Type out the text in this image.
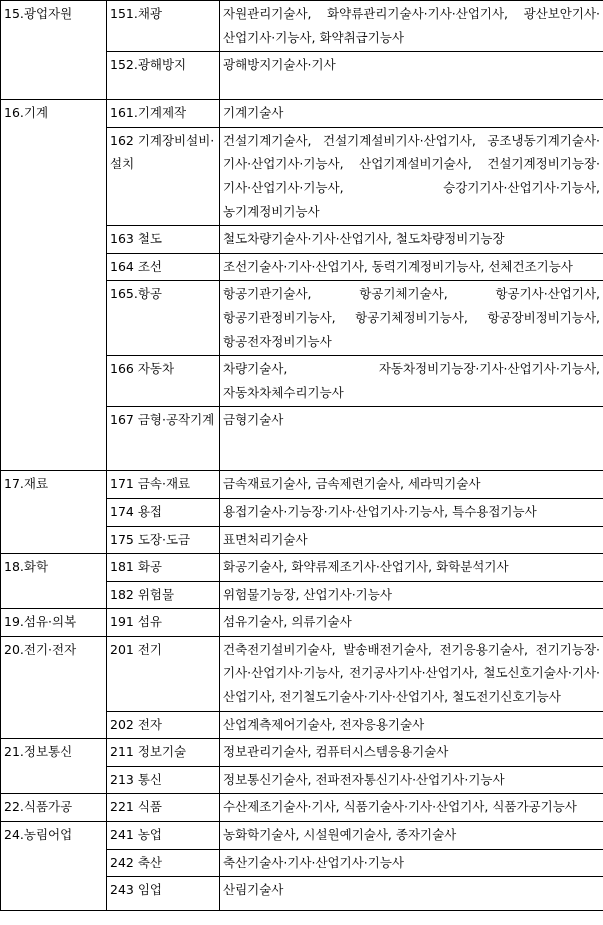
15.광업자원	151.채광	자원관리기술사, 화약류관리기술사·기사·산업기사, 광산보안기사·산업기사·기능사, 화약취급기능사
	152.광해방지	광해방지기술사·기사
16.기계	161.기계제작	기계기술사
	162 기계장비설비·설치	건설기계기술사, 건설기계설비기사·산업기사, 공조냉동기계기술사·기사·산업기사·기능사, 산업기계설비기술사, 건설기계정비기능장·기사·산업기사·기능사, 승강기기사·산업기사·기능사, 농기계정비기능사
	163 철도	철도차량기술사·기사·산업기사, 철도차량정비기능장
	164 조선	조선기술사·기사·산업기사, 동력기계정비기능사, 선체건조기능사
	165.항공	항공기관기술사, 항공기체기술사, 항공기사·산업기사, 항공기관정비기능사, 항공기체정비기능사, 항공장비정비기능사, 항공전자정비기능사
	166 자동차	차량기술사, 자동차정비기능장·기사·산업기사·기능사, 자동차차체수리기능사
	167 금형·공작기계	금형기술사
17.재료	171 금속·재료	금속재료기술사, 금속제련기술사, 세라믹기술사
	174 용접	용접기술사·기능장·기사·산업기사·기능사, 특수용접기능사
	175 도장·도금	표면처리기술사
18.화학	181 화공	화공기술사, 화약류제조기사·산업기사, 화학분석기사
	182 위험물	위험물기능장, 산업기사·기능사
19.섬유·의복	191 섬유	섬유기술사, 의류기술사
20.전기·전자	201 전기	건축전기설비기술사, 발송배전기술사, 전기응용기술사, 전기기능장·기사·산업기사·기능사, 전기공사기사·산업기사, 철도신호기술사·기사·산업기사, 전기철도기술사·기사·산업기사, 철도전기신호기능사
	202 전자	산업계측제어기술사, 전자응용기술사
21.정보통신	211 정보기술	정보관리기술사, 컴퓨터시스템응용기술사
	213 통신	정보통신기술사, 전파전자통신기사·산업기사·기능사
22.식품가공	221 식품	수산제조기술사·기사, 식품기술사·기사·산업기사, 식품가공기능사
24.농림어업	241 농업	농화학기술사, 시설원예기술사, 종자기술사
	242 축산	축산기술사·기사·산업기사·기능사
	243 임업	산림기술사
